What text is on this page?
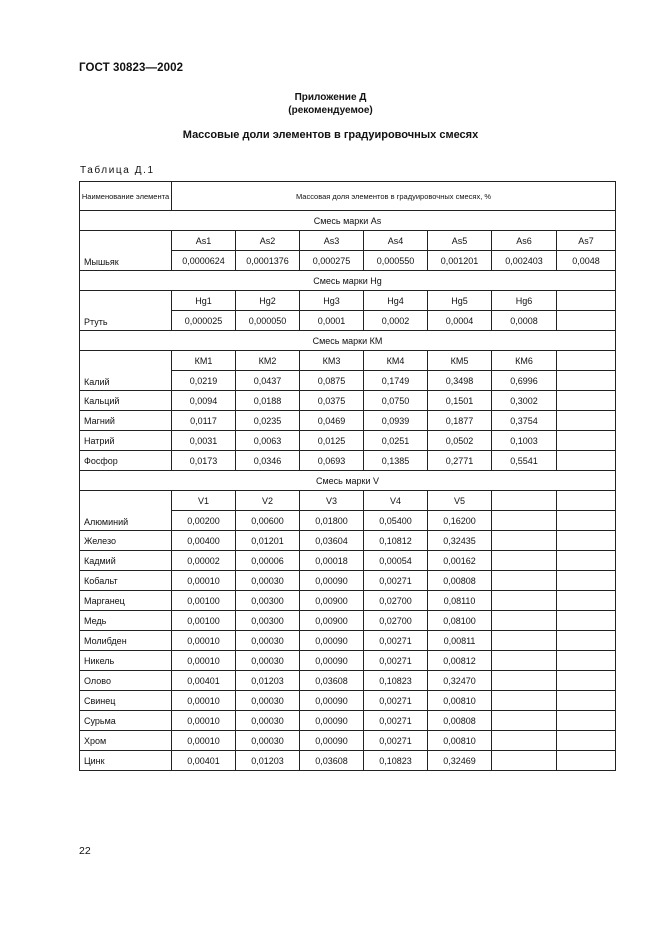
ГОСТ 30823—2002
Приложение Д
(рекомендуемое)
Массовые доли элементов в градуировочных смесях
Таблица Д.1
Наименование элемента	Массовая доля элементов в градуировочных смесях, %						
Смесь марки As							
Мышьяк	As1	As2	As3	As4	As5	As6	As7
	0,0000624	0,0001376	0,000275	0,000550	0,001201	0,002403	0,0048
Смесь марки Hg							
Ртуть	Hg1	Hg2	Hg3	Hg4	Hg5	Hg6	
	0,000025	0,000050	0,0001	0,0002	0,0004	0,0008	
Смесь марки КМ							
Калий	КМ1	КМ2	КМ3	КМ4	КМ5	КМ6	
	0,0219	0,0437	0,0875	0,1749	0,3498	0,6996	
Кальций	0,0094	0,0188	0,0375	0,0750	0,1501	0,3002	
Магний	0,0117	0,0235	0,0469	0,0939	0,1877	0,3754	
Натрий	0,0031	0,0063	0,0125	0,0251	0,0502	0,1003	
Фосфор	0,0173	0,0346	0,0693	0,1385	0,2771	0,5541	
Смесь марки V							
Алюминий	V1	V2	V3	V4	V5		
	0,00200	0,00600	0,01800	0,05400	0,16200		
Железо	0,00400	0,01201	0,03604	0,10812	0,32435		
Кадмий	0,00002	0,00006	0,00018	0,00054	0,00162		
Кобальт	0,00010	0,00030	0,00090	0,00271	0,00808		
Марганец	0,00100	0,00300	0,00900	0,02700	0,08110		
Медь	0,00100	0,00300	0,00900	0,02700	0,08100		
Молибден	0,00010	0,00030	0,00090	0,00271	0,00811		
Никель	0,00010	0,00030	0,00090	0,00271	0,00812		
Олово	0,00401	0,01203	0,03608	0,10823	0,32470		
Свинец	0,00010	0,00030	0,00090	0,00271	0,00810		
Сурьма	0,00010	0,00030	0,00090	0,00271	0,00808		
Хром	0,00010	0,00030	0,00090	0,00271	0,00810		
Цинк	0,00401	0,01203	0,03608	0,10823	0,32469		
22
